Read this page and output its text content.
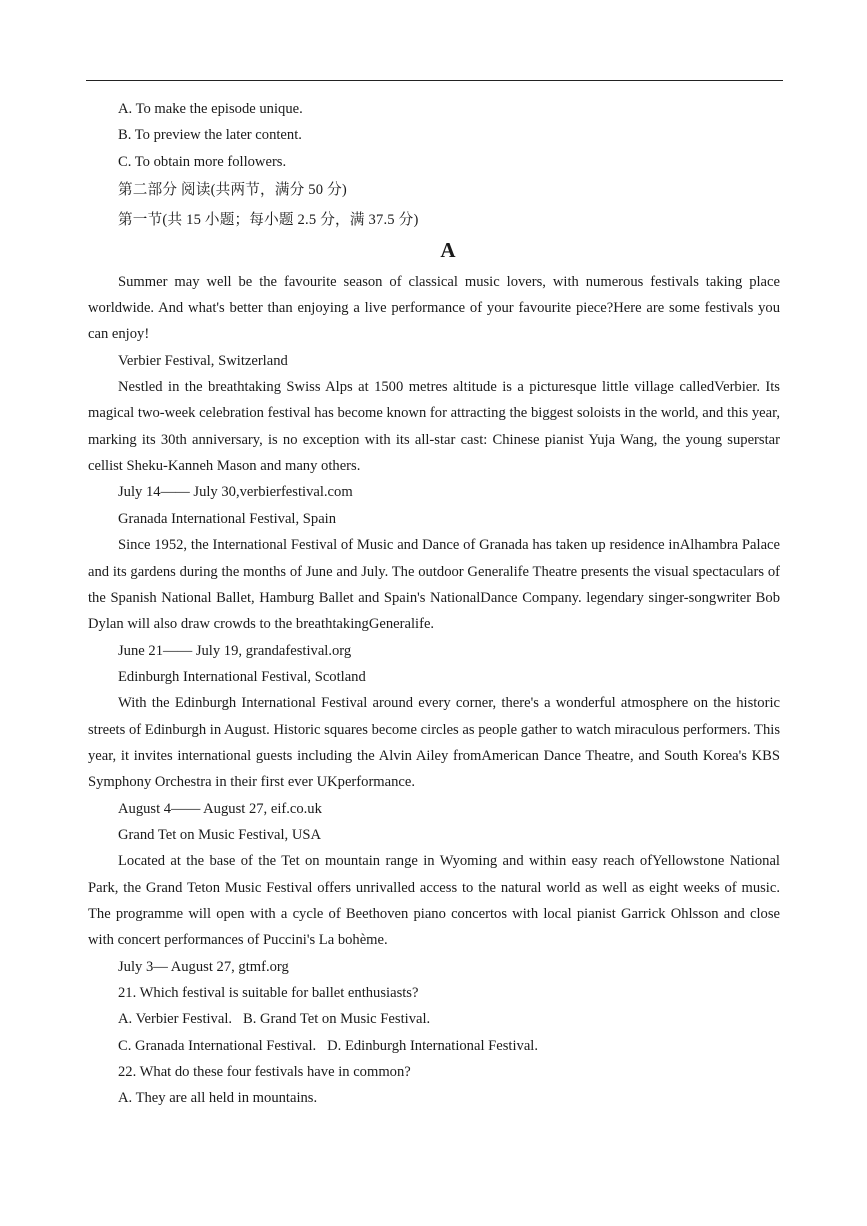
A. To make the episode unique.

B. To preview the later content.

C. To obtain more followers.

第二部分 阅读(共两节，满分 50 分)

第一节(共 15 小题；每小题 2.5 分，满 37.5 分)

A

Summer may well be the favourite season of classical music lovers, with numerous festivals taking place worldwide. And what's better than enjoying a live performance of your favourite piece?Here are some festivals you can enjoy!

Verbier Festival, Switzerland

Nestled in the breathtaking Swiss Alps at 1500 metres altitude is a picturesque little village calledVerbier. Its magical two-week celebration festival has become known for attracting the biggest soloists in the world, and this year, marking its 30th anniversary, is no exception with its all-star cast: Chinese pianist Yuja Wang, the young superstar cellist Sheku-Kanneh Mason and many others.

July 14—— July 30,verbierfestival.com

Granada International Festival, Spain

Since 1952, the International Festival of Music and Dance of Granada has taken up residence inAlhambra Palace and its gardens during the months of June and July. The outdoor Generalife Theatre presents the visual spectaculars of the Spanish National Ballet, Hamburg Ballet and Spain's NationalDance Company. legendary singer-songwriter Bob Dylan will also draw crowds to the breathtakingGeneralife.

June 21—— July 19, grandafestival.org

Edinburgh International Festival, Scotland

With the Edinburgh International Festival around every corner, there's a wonderful atmosphere on the historic streets of Edinburgh in August. Historic squares become circles as people gather to watch miraculous performers. This year, it invites international guests including the Alvin Ailey fromAmerican Dance Theatre, and South Korea's KBS Symphony Orchestra in their first ever UKperformance.

August 4—— August 27, eif.co.uk

Grand Tet on Music Festival, USA

Located at the base of the Tet on mountain range in Wyoming and within easy reach ofYellowstone National Park, the Grand Teton Music Festival offers unrivalled access to the natural world as well as eight weeks of music. The programme will open with a cycle of Beethoven piano concertos with local pianist Garrick Ohlsson and close with concert performances of Puccini's La bohème.

July 3— August 27, gtmf.org

21. Which festival is suitable for ballet enthusiasts?

A. Verbier Festival.   B. Grand Tet on Music Festival.

C. Granada International Festival.   D. Edinburgh International Festival.

22. What do these four festivals have in common?

A. They are all held in mountains.
